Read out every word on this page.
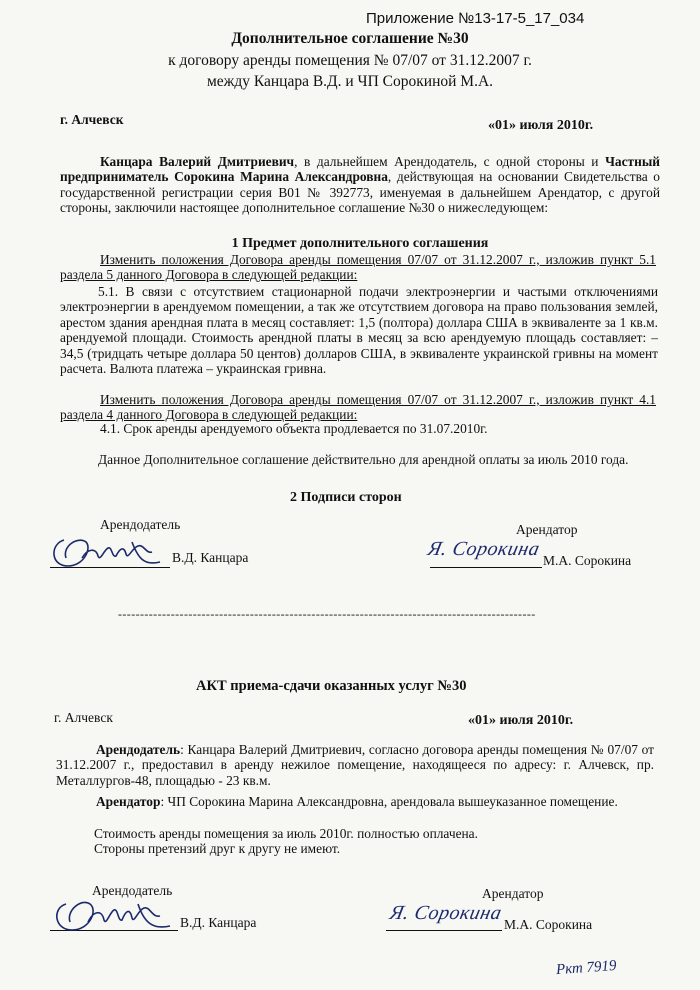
Приложение №13-17-5_17_034
Дополнительное соглашение №30
к договору аренды помещения № 07/07 от 31.12.2007 г.
между Канцара В.Д. и ЧП Сорокиной М.А.
г. Алчевск	«01» июля 2010г.
Канцара Валерий Дмитриевич, в дальнейшем Арендодатель, с одной стороны и Частный предприниматель Сорокина Марина Александровна, действующая на основании Свидетельства о государственной регистрации серия В01 № 392773, именуемая в дальнейшем Арендатор, с другой стороны, заключили настоящее дополнительное соглашение №30 о нижеследующем:
1 Предмет дополнительного соглашения
Изменить положения Договора аренды помещения 07/07 от 31.12.2007 г., изложив пункт 5.1 раздела 5 данного Договора в следующей редакции:
5.1. В связи с отсутствием стационарной подачи электроэнергии и частыми отключениями электроэнергии в арендуемом помещении, а так же отсутствием договора на право пользования землей, арестом здания арендная плата в месяц составляет: 1,5 (полтора) доллара США в эквиваленте за 1 кв.м. арендуемой площади. Стоимость арендной платы в месяц за всю арендуемую площадь составляет: – 34,5 (тридцать четыре доллара 50 центов) долларов США, в эквиваленте украинской гривны на момент расчета. Валюта платежа – украинская гривна.
Изменить положения Договора аренды помещения 07/07 от 31.12.2007 г., изложив пункт 4.1 раздела 4 данного Договора в следующей редакции:
4.1. Срок аренды арендуемого объекта продлевается по 31.07.2010г.
Данное Дополнительное соглашение действительно для арендной оплаты за июль 2010 года.
2 Подписи сторон
Арендодатель
В.Д. Канцара
Арендатор
М.А. Сорокина
Я. Сорокина
-----------------------------------------------------------------------------------------------
АКТ приема-сдачи оказанных услуг №30
г. Алчевск	«01» июля 2010г.
Арендодатель: Канцара Валерий Дмитриевич, согласно договора аренды помещения № 07/07 от 31.12.2007 г., предоставил в аренду нежилое помещение, находящееся по адресу: г. Алчевск, пр. Металлургов-48, площадью - 23 кв.м.
Арендатор: ЧП Сорокина Марина Александровна, арендовала вышеуказанное помещение.
Стоимость аренды помещения за июль 2010г. полностью оплачена.
Стороны претензий друг к другу не имеют.
Арендодатель
В.Д. Канцара
Арендатор
М.А. Сорокина
Я. Сорокина
Ркт 7919
